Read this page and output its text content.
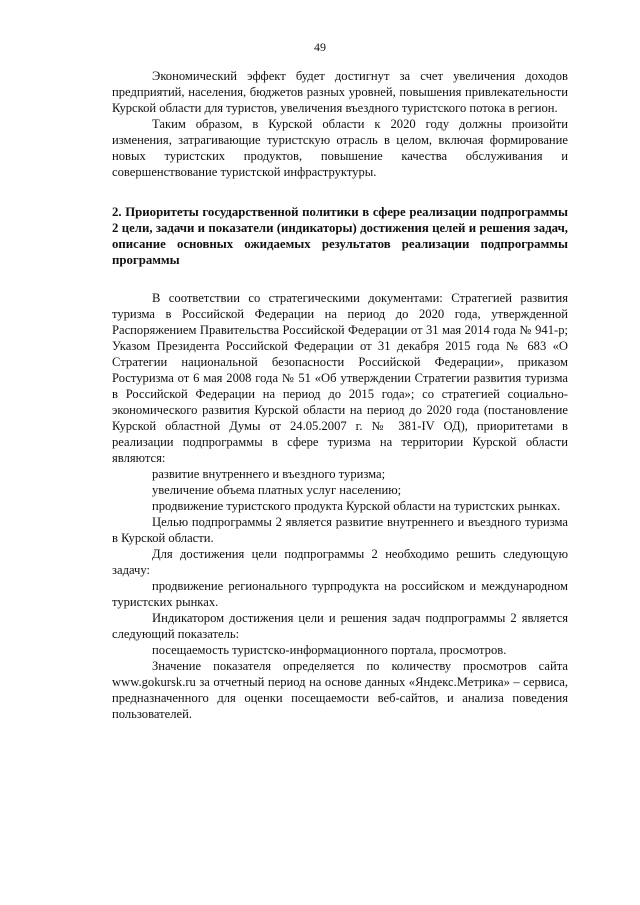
49

Экономический эффект будет достигнут за счет увеличения доходов предприятий, населения, бюджетов разных уровней, повышения привлекательности Курской области для туристов, увеличения въездного туристского потока в регион.

Таким образом, в Курской области к 2020 году должны произойти изменения, затрагивающие туристскую отрасль в целом, включая формирование новых туристских продуктов, повышение качества обслуживания и совершенствование туристской инфраструктуры.

2. Приоритеты государственной политики в сфере реализации подпрограммы 2 цели, задачи и показатели (индикаторы) достижения целей и решения задач, описание основных ожидаемых результатов реализации подпрограммы программы

В соответствии со стратегическими документами: Стратегией развития туризма в Российской Федерации на период до 2020 года, утвержденной Распоряжением Правительства Российской Федерации от 31 мая 2014 года № 941-р; Указом Президента Российской Федерации от 31 декабря 2015 года № 683 «О Стратегии национальной безопасности Российской Федерации», приказом Ростуризма от 6 мая 2008 года № 51 «Об утверждении Стратегии развития туризма в Российской Федерации на период до 2015 года»; со стратегией социально-экономического развития Курской области на период до 2020 года (постановление Курской областной Думы от 24.05.2007 г. № 381-IV ОД), приоритетами в реализации подпрограммы в сфере туризма на территории Курской области являются:

развитие внутреннего и въездного туризма;

увеличение объема платных услуг населению;

продвижение туристского продукта Курской области на туристских рынках.

Целью подпрограммы 2 является развитие внутреннего и въездного туризма в Курской области.

Для достижения цели подпрограммы 2 необходимо решить следующую задачу:

продвижение регионального турпродукта на российском и международном туристских рынках.

Индикатором достижения цели и решения задач подпрограммы 2 является следующий показатель:

посещаемость туристско-информационного портала, просмотров.

Значение показателя определяется по количеству просмотров сайта www.gokursk.ru за отчетный период на основе данных «Яндекс.Метрика» – сервиса, предназначенного для оценки посещаемости веб-сайтов, и анализа поведения пользователей.
